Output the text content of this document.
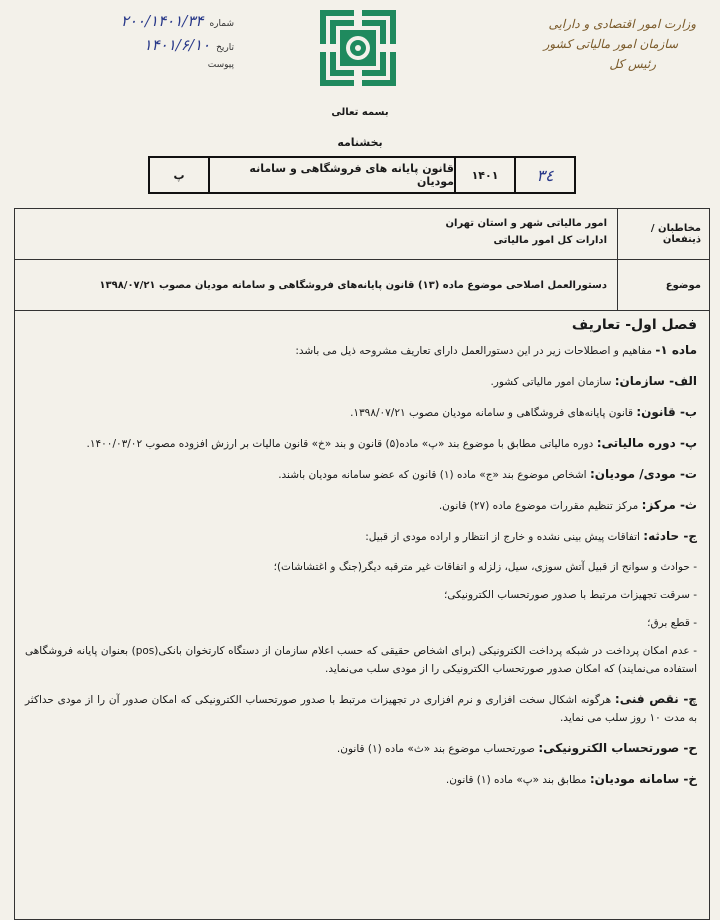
وزارت امور اقتصادی و دارایی
سازمان امور مالیاتی کشور
رئیس کل
شماره
۲۰۰/۱۴۰۱/۳۴
تاریخ
۱۴۰۱/۶/۱۰
پیوست
بسمه تعالی
بخشنامه
۳٤
۱۴۰۱
قانون پایانه های فروشگاهی و سامانه مودیان
پ
مخاطبان / ذینفعان
امور مالیاتی شهر و استان تهران
ادارات کل امور مالیاتی
موضوع
دستورالعمل اصلاحی موضوع ماده (۱۳) قانون پایانه‌های فروشگاهی و سامانه مودیان مصوب ۱۳۹۸/۰۷/۲۱
فصل اول- تعاریف

ماده ۱- مفاهیم و اصطلاحات زیر در این دستورالعمل دارای تعاریف مشروحه ذیل می باشد:

الف- سازمان: سازمان امور مالیاتی کشور.

ب- قانون: قانون پایانه‌های فروشگاهی و سامانه مودیان مصوب ۱۳۹۸/۰۷/۲۱.

پ- دوره مالیاتی: دوره مالیاتی مطابق با موضوع بند «پ» ماده(۵) قانون و بند «خ» قانون مالیات بر ارزش افزوده مصوب ۱۴۰۰/۰۳/۰۲.

ت- مودی/ مودیان: اشخاص موضوع بند «ج» ماده (۱) قانون که عضو سامانه مودیان باشند.

ث- مرکز: مرکز تنظیم مقررات موضوع ماده (۲۷) قانون.

ج- حادثه: اتفاقات پیش بینی نشده و خارج از انتظار و اراده مودی از قبیل:

- حوادث و سوانح از قبیل آتش سوزی، سیل، زلزله و اتفاقات غیر مترقبه دیگر(جنگ و اغتشاشات)؛

- سرقت تجهیزات مرتبط با صدور صورتحساب الکترونیکی؛

- قطع برق؛

- عدم امکان پرداخت در شبکه پرداخت الکترونیکی (برای اشخاص حقیقی که حسب اعلام سازمان از دستگاه کارتخوان بانکی(pos) بعنوان پایانه فروشگاهی استفاده می‌نمایند) که امکان صدور صورتحساب الکترونیکی را از مودی سلب می‌نماید.

چ- نقص فنی: هرگونه اشکال سخت افزاری و نرم افزاری در تجهیزات مرتبط با صدور صورتحساب الکترونیکی که امکان صدور آن را از مودی حداکثر به مدت ۱۰ روز سلب می نماید.

ح- صورتحساب الکترونیکی: صورتحساب موضوع بند «ث» ماده (۱) قانون.

خ- سامانه مودیان: مطابق بند «پ» ماده (۱) قانون.
